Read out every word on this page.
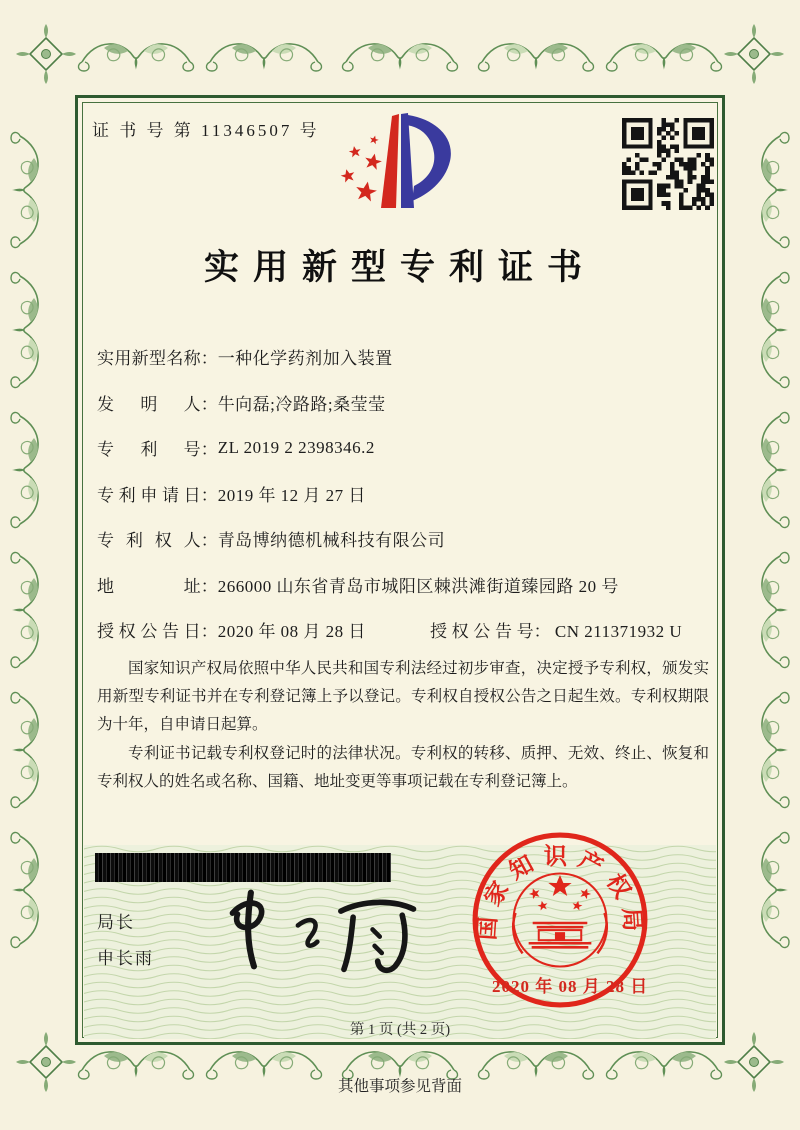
证 书 号 第 11346507 号
实用新型专利证书
实用新型名称 ： 一种化学药剂加入装置
发明人 ： 牛向磊;冷路路;桑莹莹
专利号 ： ZL 2019 2 2398346.2
专利申请日 ： 2019 年 12 月 27 日
专利权人 ： 青岛博纳德机械科技有限公司
地址 ： 266000 山东省青岛市城阳区棘洪滩街道臻园路 20 号
授权公告日 ： 2020 年 08 月 28 日	授权公告号： CN 211371932 U

国家知识产权局依照中华人民共和国专利法经过初步审查，决定授予专利权，颁发实用新型专利证书并在专利登记簿上予以登记。专利权自授权公告之日起生效。专利权期限为十年，自申请日起算。

专利证书记载专利权登记时的法律状况。专利权的转移、质押、无效、终止、恢复和专利权人的姓名或名称、国籍、地址变更等事项记载在专利登记簿上。

局长
申长雨
国家知识产权局
2020 年 08 月 28 日
第 1 页 (共 2 页)
其他事项参见背面
